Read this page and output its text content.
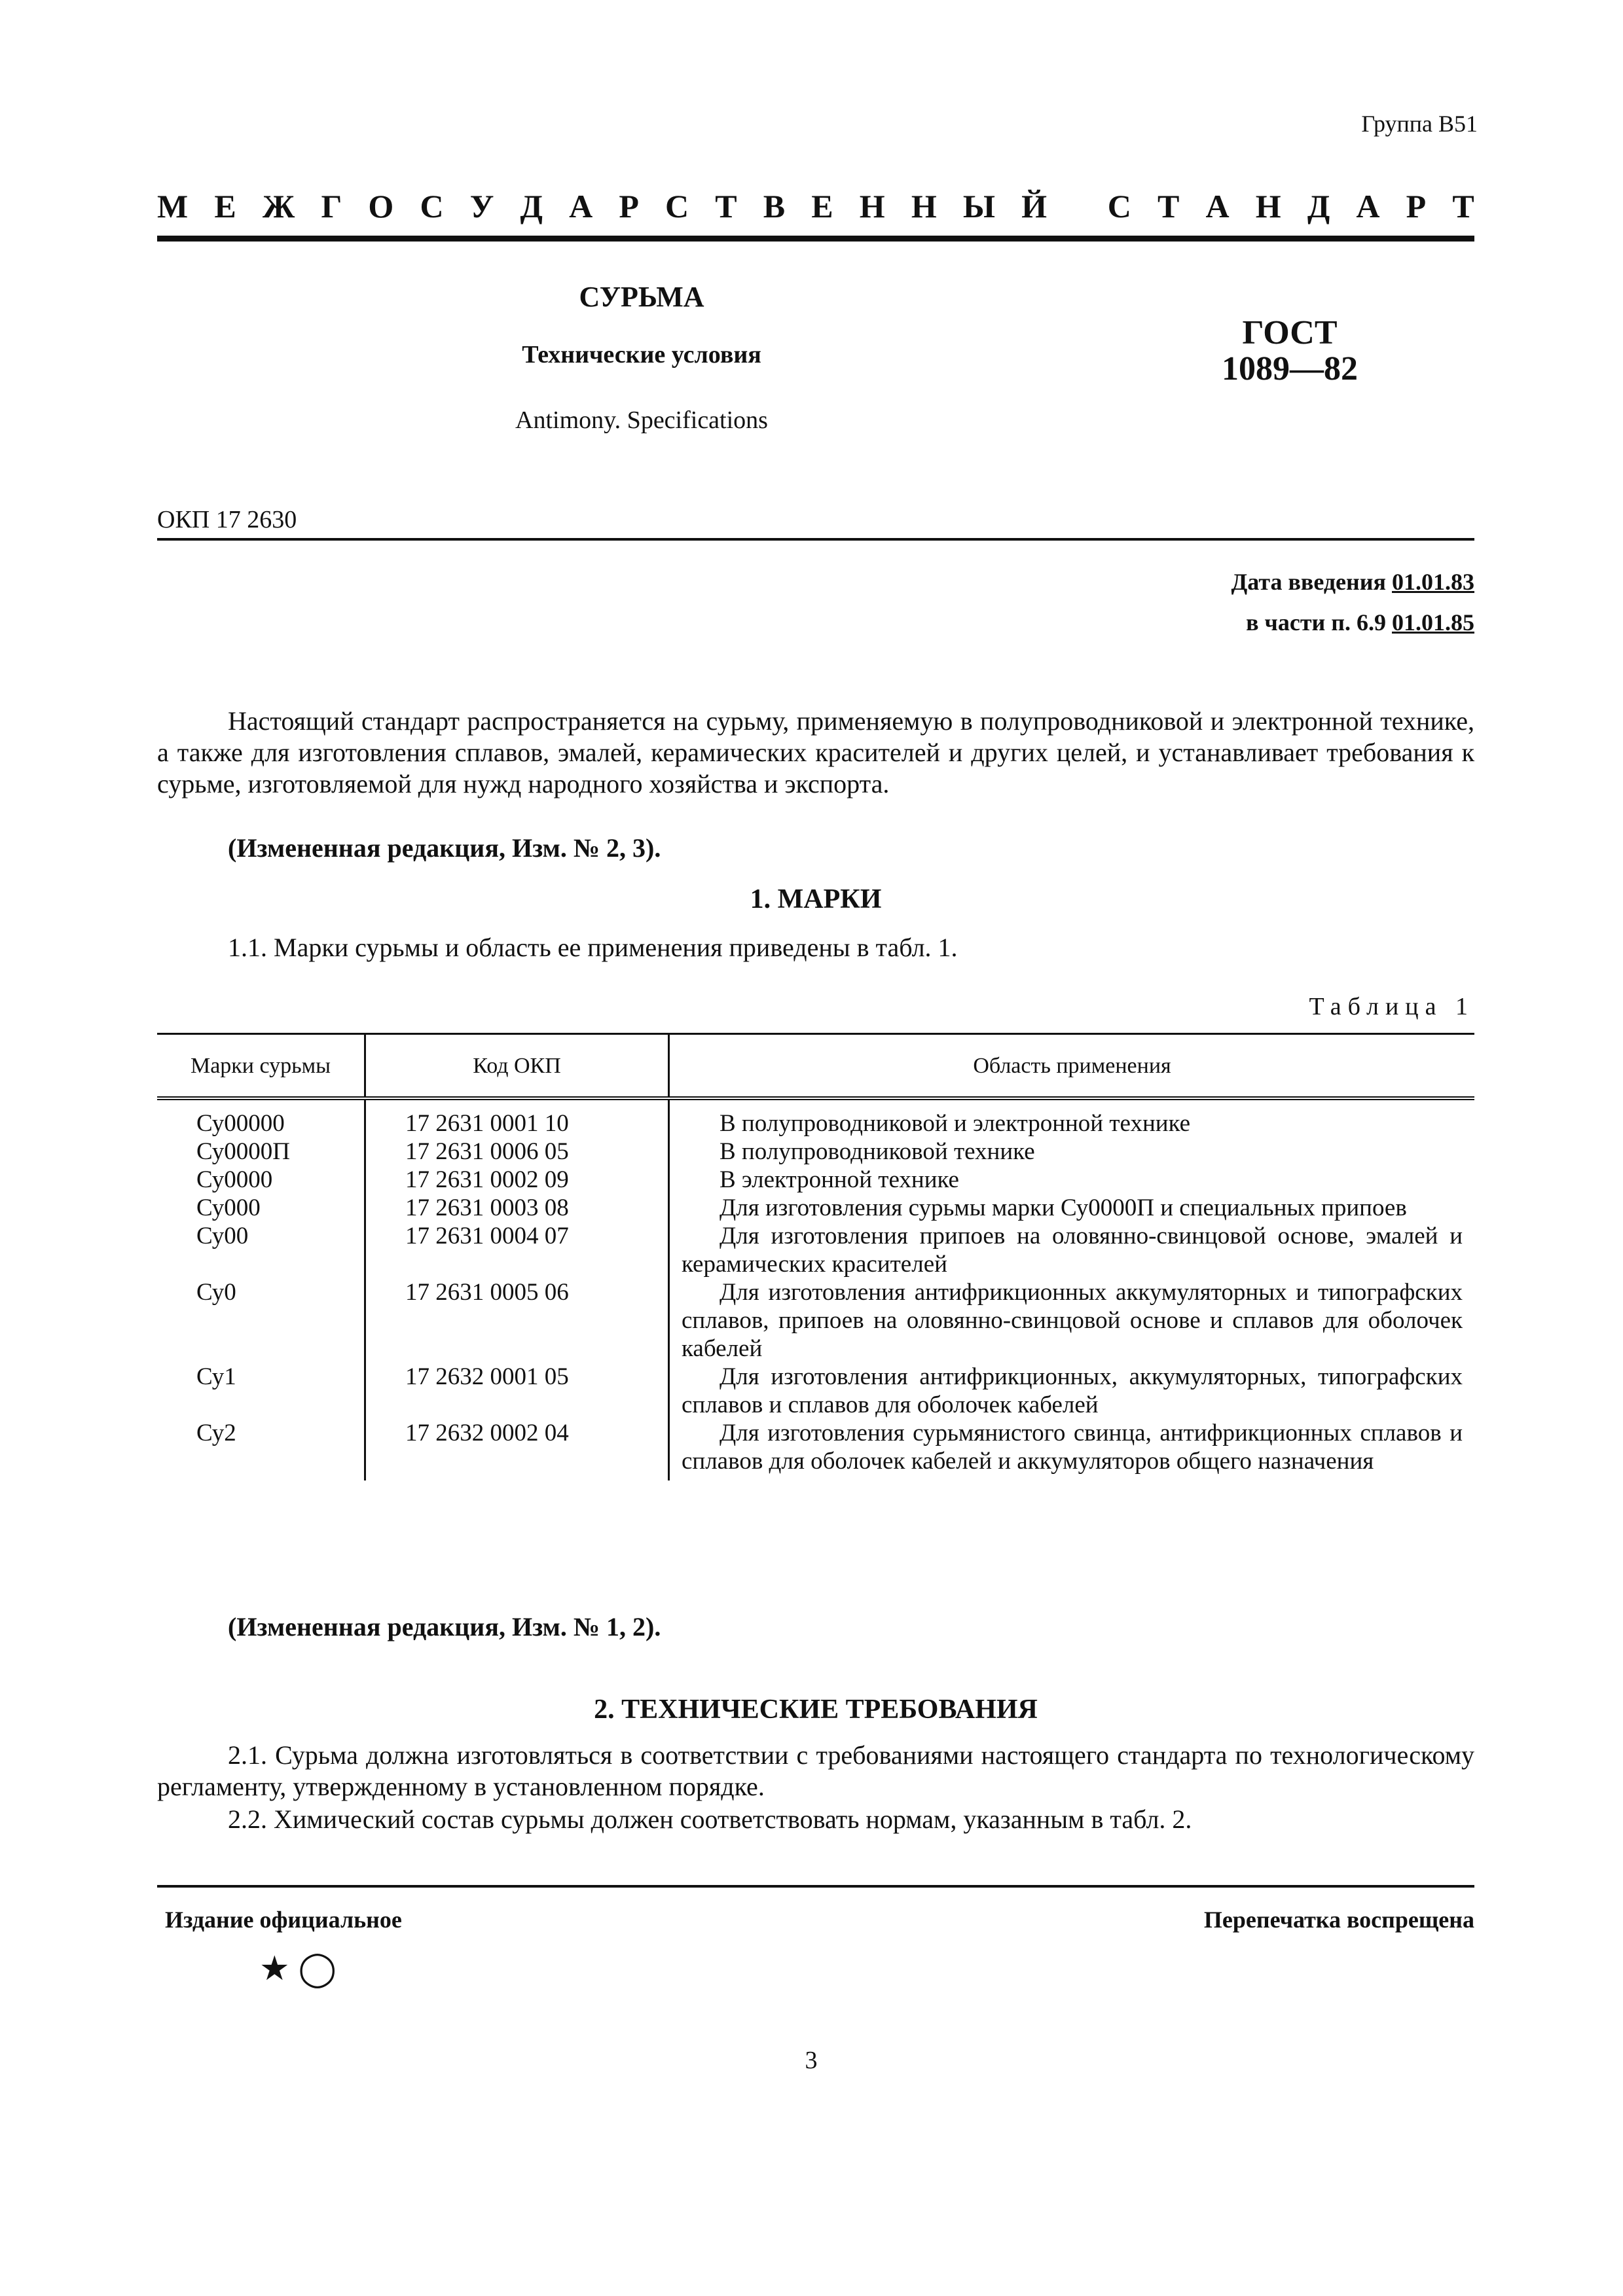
Группа В51
М Е Ж Г О С У Д А Р С Т В Е Н Н Ы Й
С Т А Н Д А Р Т
СУРЬМА
Технические условия
Antimony. Specifications
ГОСТ
1089—82
ОКП 17 2630
Дата введения 01.01.83
в части п. 6.9 01.01.85
Настоящий стандарт распространяется на сурьму, применяемую в полупроводниковой и электронной технике, а также для изготовления сплавов, эмалей, керамических красителей и других целей, и устанавливает требования к сурьме, изготовляемой для нужд народного хозяйства и экспорта.
(Измененная редакция, Изм. № 2, 3).
1. МАРКИ
1.1. Марки сурьмы и область ее применения приведены в табл. 1.
Таблица 1
Марки сурьмы	Код ОКП	Область применения
Су00000	17 2631 0001 10	В полупроводниковой и электронной технике
Су0000П	17 2631 0006 05	В полупроводниковой технике
Су0000	17 2631 0002 09	В электронной технике
Су000	17 2631 0003 08	Для изготовления сурьмы марки Су0000П и специальных припоев
Су00	17 2631 0004 07	Для изготовления припоев на оловянно-свинцовой основе, эмалей и керамических красителей
Су0	17 2631 0005 06	Для изготовления антифрикционных аккумуляторных и типографских сплавов, припоев на оловянно-свинцовой основе и сплавов для оболочек кабелей
Су1	17 2632 0001 05	Для изготовления антифрикционных, аккумуляторных, типографских сплавов и сплавов для оболочек кабелей
Су2	17 2632 0002 04	Для изготовления сурьмянистого свинца, антифрикционных сплавов и сплавов для оболочек кабелей и аккумуляторов общего назначения
(Измененная редакция, Изм. № 1, 2).
2. ТЕХНИЧЕСКИЕ ТРЕБОВАНИЯ
2.1. Сурьма должна изготовляться в соответствии с требованиями настоящего стандарта по технологическому регламенту, утвержденному в установленном порядке.
2.2. Химический состав сурьмы должен соответствовать нормам, указанным в табл. 2.
Издание официальное	Перепечатка воспрещена
★ ◯
3
